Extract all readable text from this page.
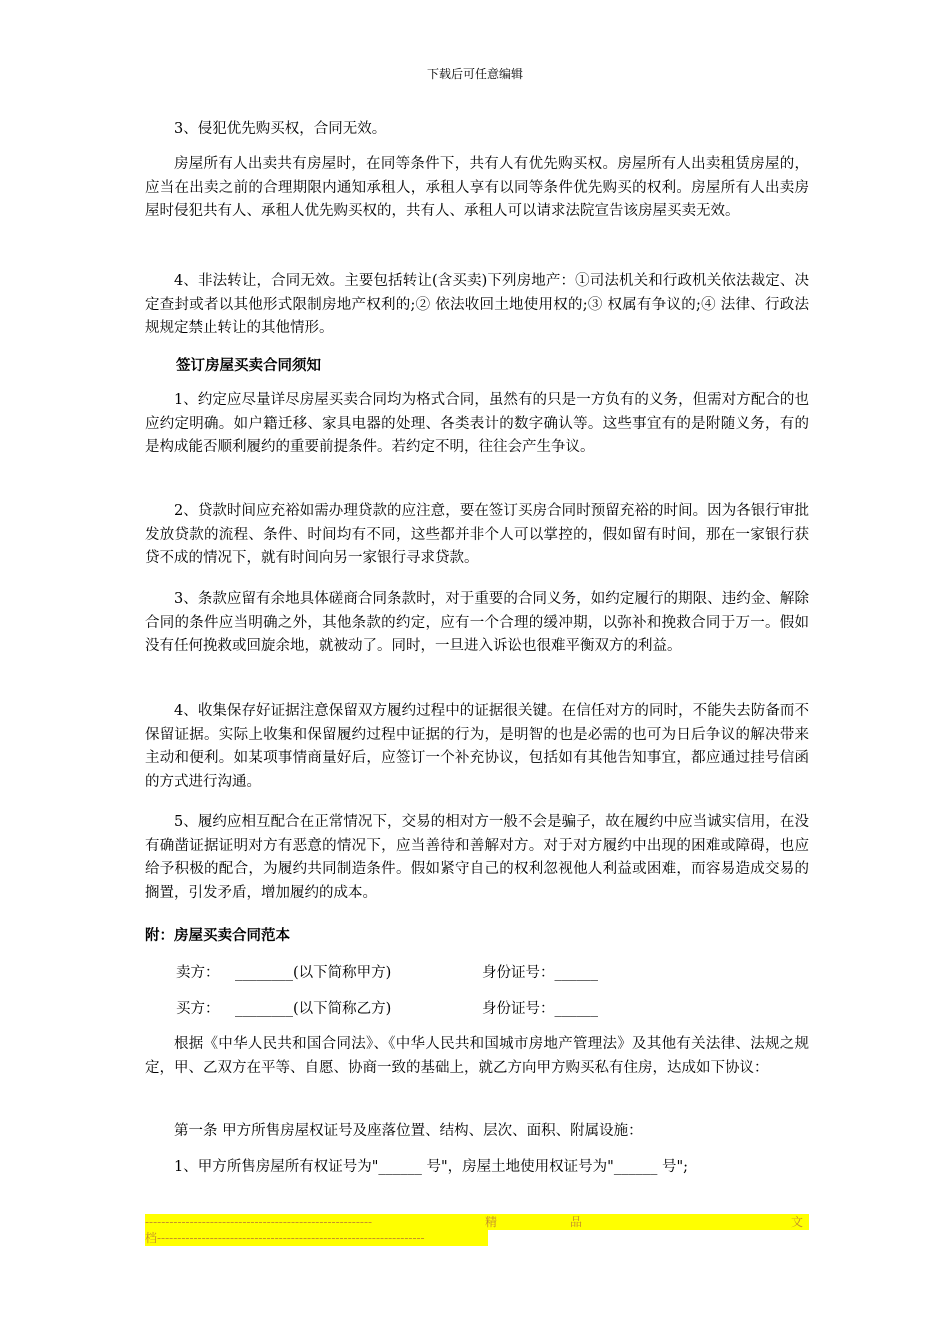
下载后可任意编辑

3、侵犯优先购买权，合同无效。

房屋所有人出卖共有房屋时，在同等条件下，共有人有优先购买权。房屋所有人出卖租赁房屋的，应当在出卖之前的合理期限内通知承租人，承租人享有以同等条件优先购买的权利。房屋所有人出卖房屋时侵犯共有人、承租人优先购买权的，共有人、承租人可以请求法院宣告该房屋买卖无效。

4、非法转让，合同无效。主要包括转让(含买卖)下列房地产：①司法机关和行政机关依法裁定、决定查封或者以其他形式限制房地产权利的;② 依法收回土地使用权的;③ 权属有争议的;④ 法律、行政法规规定禁止转让的其他情形。

签订房屋买卖合同须知

1、约定应尽量详尽房屋买卖合同均为格式合同，虽然有的只是一方负有的义务，但需对方配合的也应约定明确。如户籍迁移、家具电器的处理、各类表计的数字确认等。这些事宜有的是附随义务，有的是构成能否顺利履约的重要前提条件。若约定不明，往往会产生争议。

2、贷款时间应充裕如需办理贷款的应注意，要在签订买房合同时预留充裕的时间。因为各银行审批发放贷款的流程、条件、时间均有不同，这些都并非个人可以掌控的，假如留有时间，那在一家银行获贷不成的情况下，就有时间向另一家银行寻求贷款。

3、条款应留有余地具体磋商合同条款时，对于重要的合同义务，如约定履行的期限、违约金、解除合同的条件应当明确之外，其他条款的约定，应有一个合理的缓冲期，以弥补和挽救合同于万一。假如没有任何挽救或回旋余地，就被动了。同时，一旦进入诉讼也很难平衡双方的利益。

4、收集保存好证据注意保留双方履约过程中的证据很关键。在信任对方的同时，不能失去防备而不保留证据。实际上收集和保留履约过程中证据的行为，是明智的也是必需的也可为日后争议的解决带来主动和便利。如某项事情商量好后，应签订一个补充协议，包括如有其他告知事宜，都应通过挂号信函的方式进行沟通。

5、履约应相互配合在正常情况下，交易的相对方一般不会是骗子，故在履约中应当诚实信用，在没有确凿证据证明对方有恶意的情况下，应当善待和善解对方。对于对方履约中出现的困难或障碍，也应给予积极的配合，为履约共同制造条件。假如紧守自己的权利忽视他人利益或困难，而容易造成交易的搁置，引发矛盾，增加履约的成本。

附：房屋买卖合同范本

卖方： ________(以下简称甲方)	身份证号：______
买方： ________(以下简称乙方)	身份证号：______

根据《中华人民共和国合同法》、《中华人民共和国城市房地产管理法》及其他有关法律、法规之规定，甲、乙双方在平等、自愿、协商一致的基础上，就乙方向甲方购买私有住房，达成如下协议：

第一条 甲方所售房屋权证号及座落位置、结构、层次、面积、附属设施：

1、甲方所售房屋所有权证号为"______ 号"，房屋土地使用权证号为"______ 号";

--------------------------------------------------------	精	品	文
档------------------------------------------------------------------
